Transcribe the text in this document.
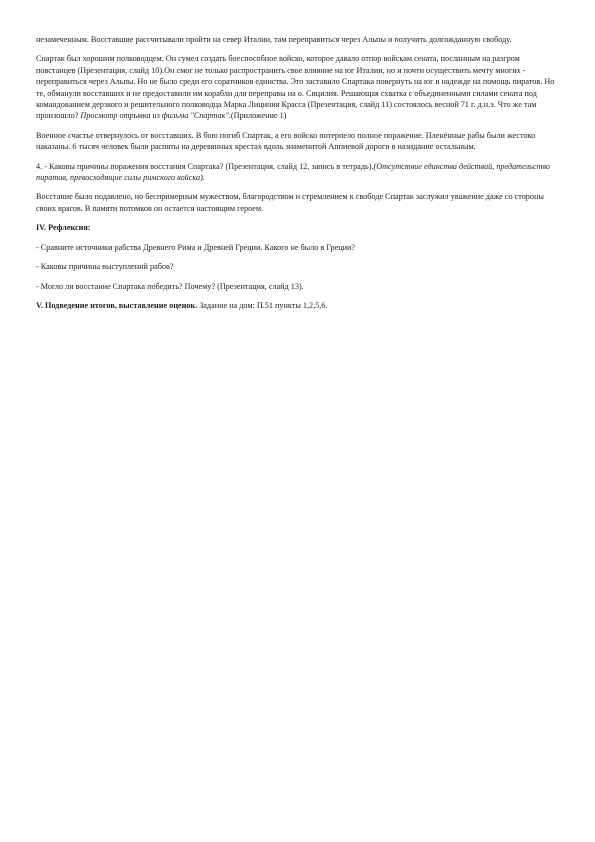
незамеченным. Восставшие рассчитывали пройти на север Италии, там переправиться через Альпы и получить долгожданную свободу.

Спартак был хорошим полководцем. Он сумел создать боеспособное войско, которое давало отпор войскам сената, посланным на разгром повстанцев (Презентация, слайд 10).Он смог не только распространить свое влияние на юг Италии, но и почти осуществить мечту многих - переправиться через Альпы. Но не было среди его соратников единства. Это заставило Спартака повернуть на юг в надежде на помощь пиратов. Но те, обманули восставших и не предоставили им корабли для переправы на о. Сицилия. Решающая схватка с объединенными силами сената под командованием дерзкого и решительного полководца Марка Лициния Красса (Презентация, слайд 11) состоялось весной 71 г. д.н.э. Что же там произошло? Просмотр отрывка из фильма "Спартак".(Приложение 1)

Военное счастье отвернулось от восставших. В бою погиб Спартак, а его войско потерпело полное поражение. Пленённые рабы были жестоко наказаны. 6 тысяч человек были распяты на деревянных крестах вдоль знаменитой Аппиевой дороги в назидание остальным.

4. - Каковы причины поражения восстания Спартака? (Презентация, слайд 12, запись в тетрадь).(Отсутствие единства действий, предательство пиратов, превосходящие силы римского войска).

Восстание было подавлено, но беспримерным мужеством, благородством и стремлением к свободе Спартак заслужил уважение даже со стороны своих врагов. В памяти потомков он остается настоящим героем.

IV. Рефлексия:

- Сравните источники рабства Древнего Рима и Древней Греции. Какого не было в Греции?

- Каковы причины выступлений рабов?

- Могло ли восстание Спартака победить? Почему? (Презентация, слайд 13).

V. Подведение итогов, выставление оценок. Задание на дом: П.51 пункты 1,2,5,6.
